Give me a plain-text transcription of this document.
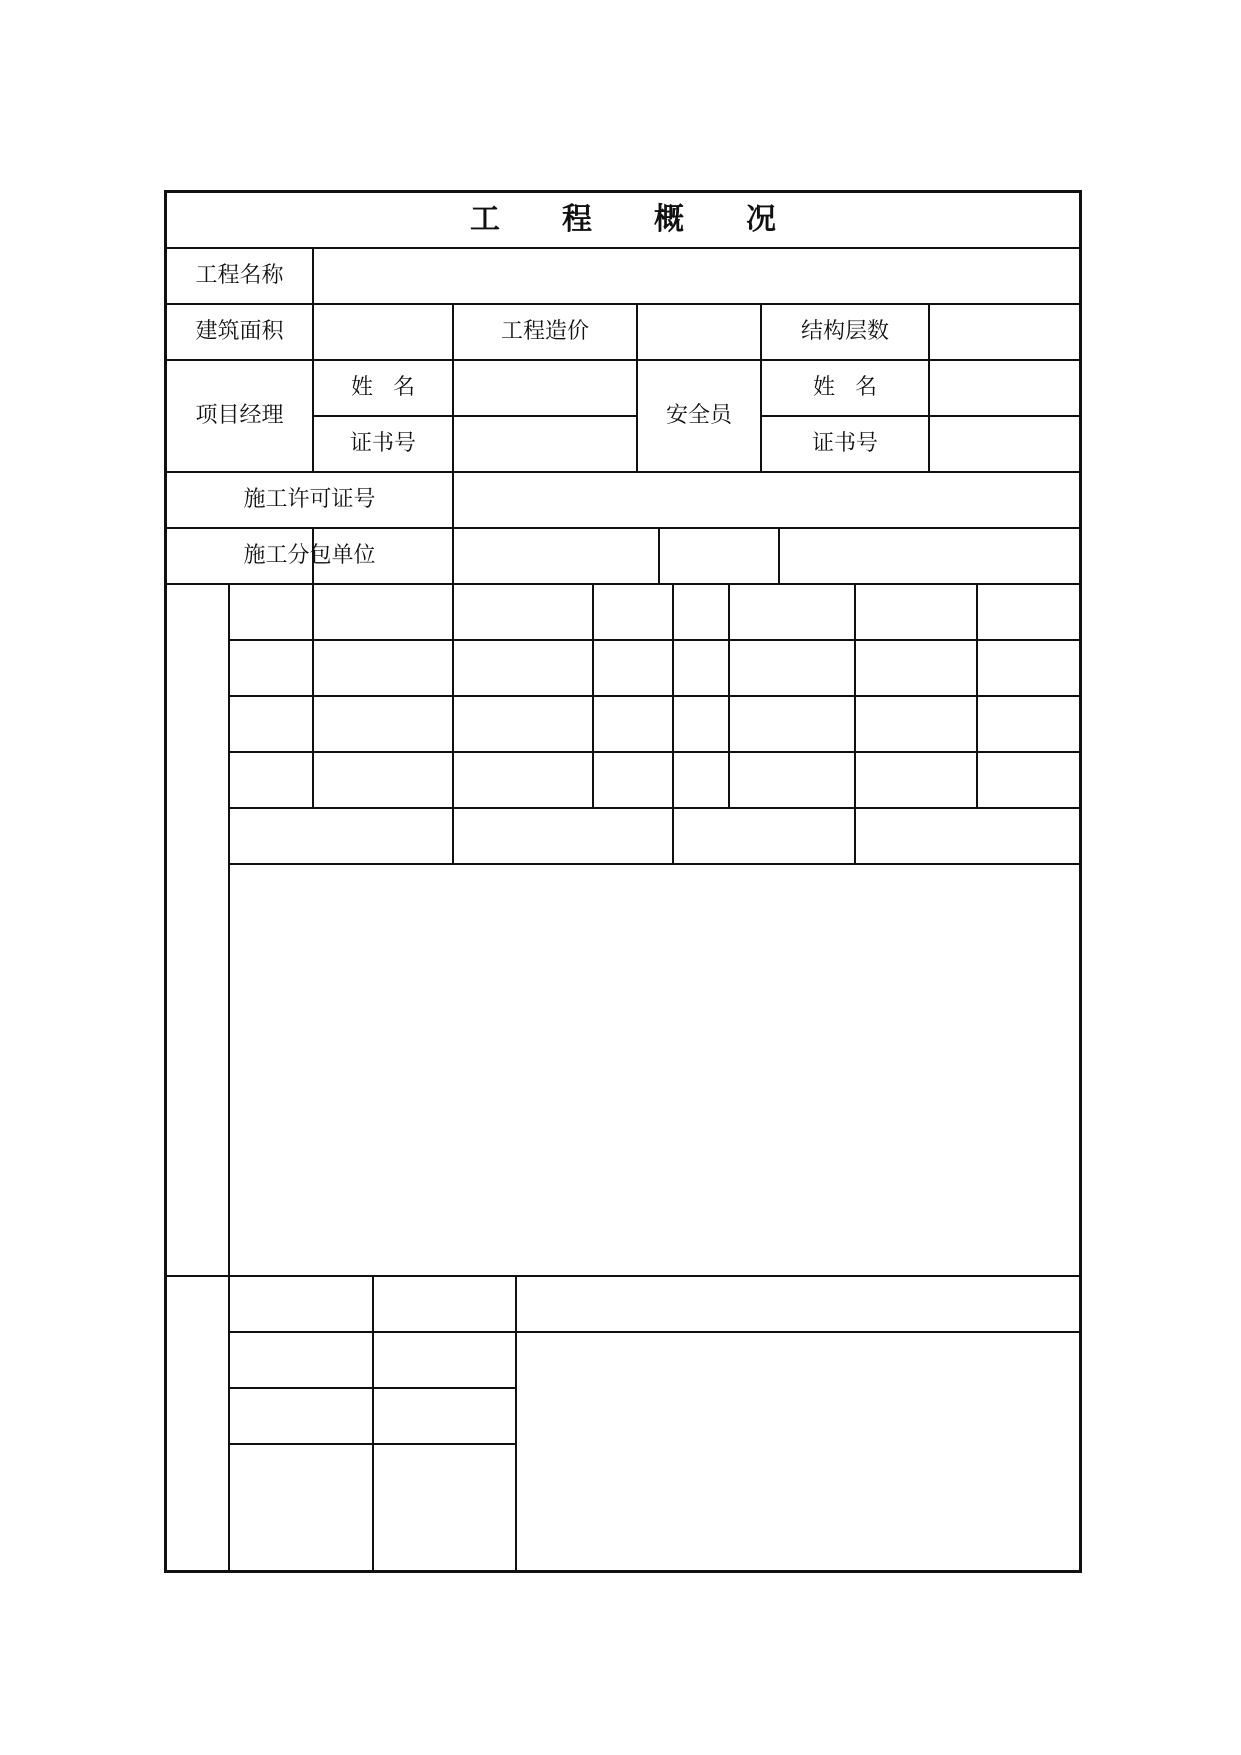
工程概况
工程名称
建筑面积	工程造价	结构层数
项目经理
姓名
证书号
安全员
姓名
证书号
施工许可证号
施工分包单位
